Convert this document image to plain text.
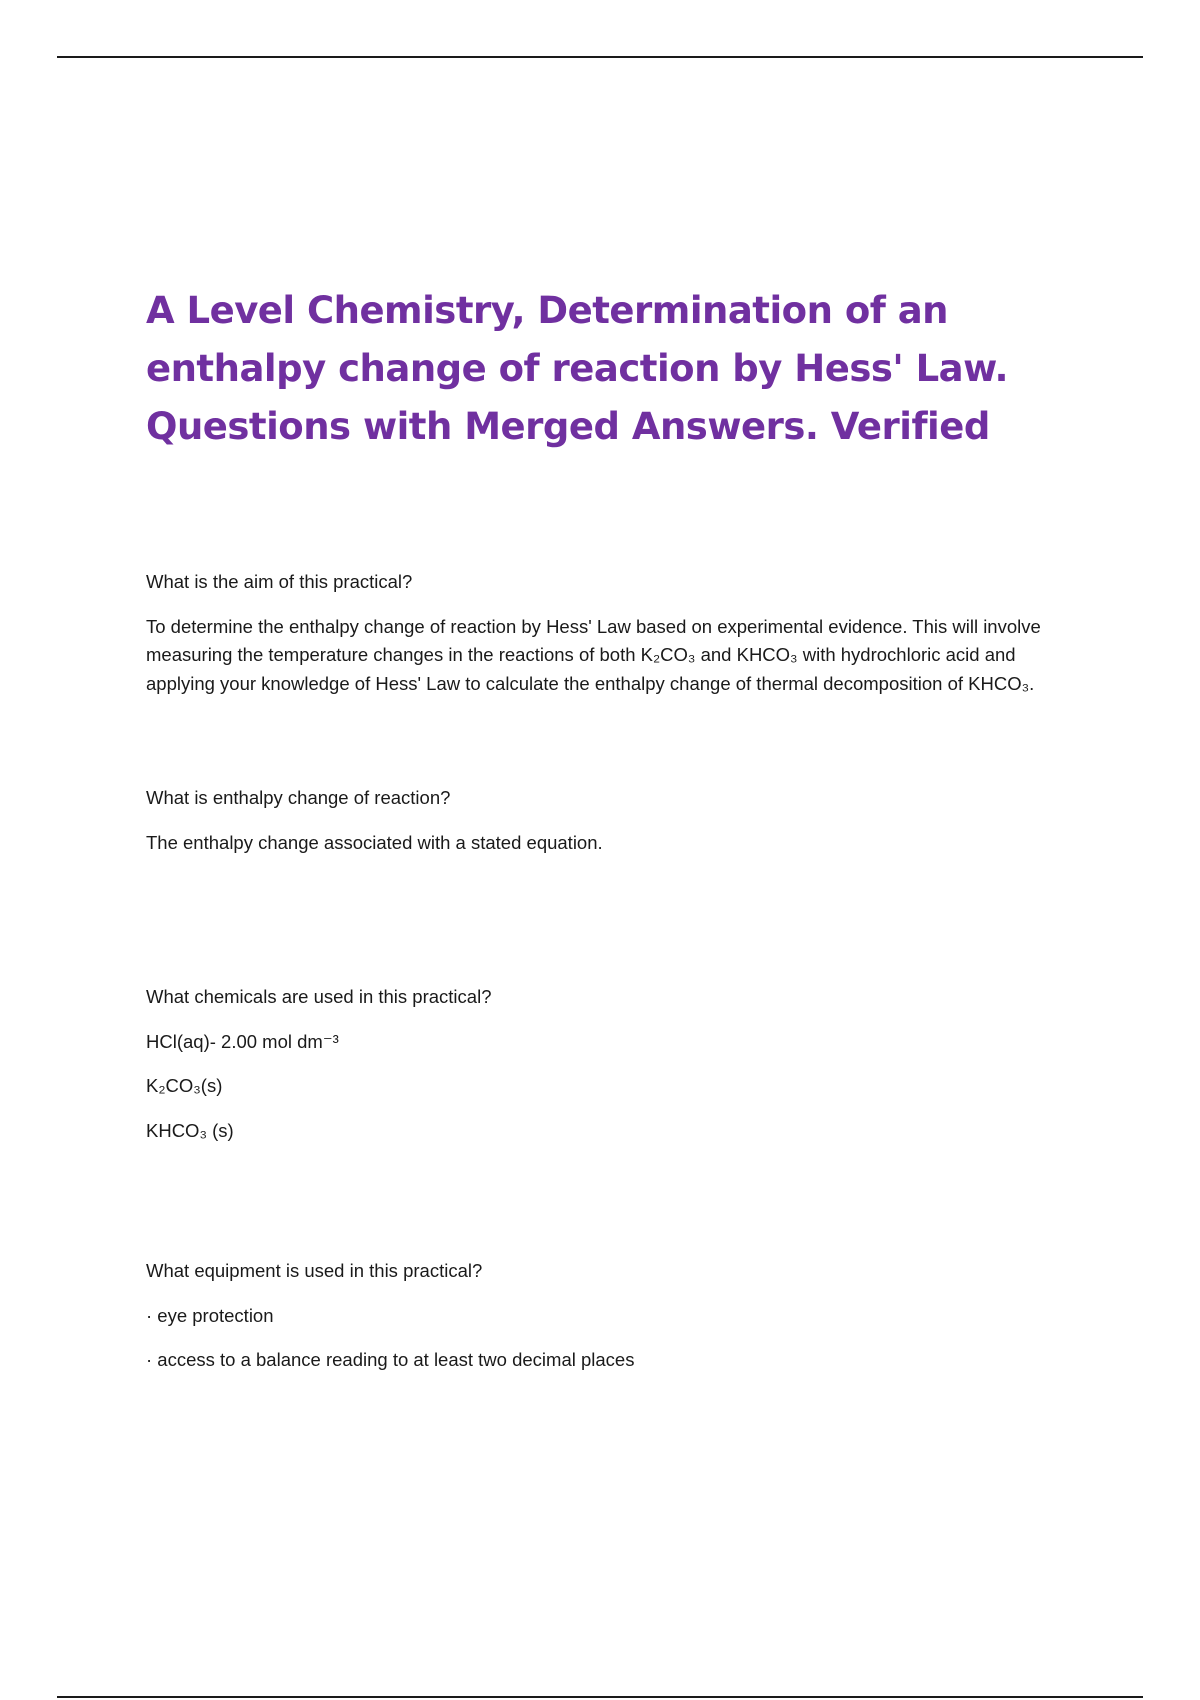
A Level Chemistry, Determination of an enthalpy change of reaction by Hess' Law. Questions with Merged Answers. Verified

What is the aim of this practical?

To determine the enthalpy change of reaction by Hess' Law based on experimental evidence. This will involve measuring the temperature changes in the reactions of both K₂CO₃ and KHCO₃ with hydrochloric acid and applying your knowledge of Hess' Law to calculate the enthalpy change of thermal decomposition of KHCO₃.

What is enthalpy change of reaction?

The enthalpy change associated with a stated equation.

What chemicals are used in this practical?

HCl(aq)- 2.00 mol dm⁻³

K₂CO₃(s)

KHCO₃ (s)

What equipment is used in this practical?

· eye protection

· access to a balance reading to at least two decimal places
